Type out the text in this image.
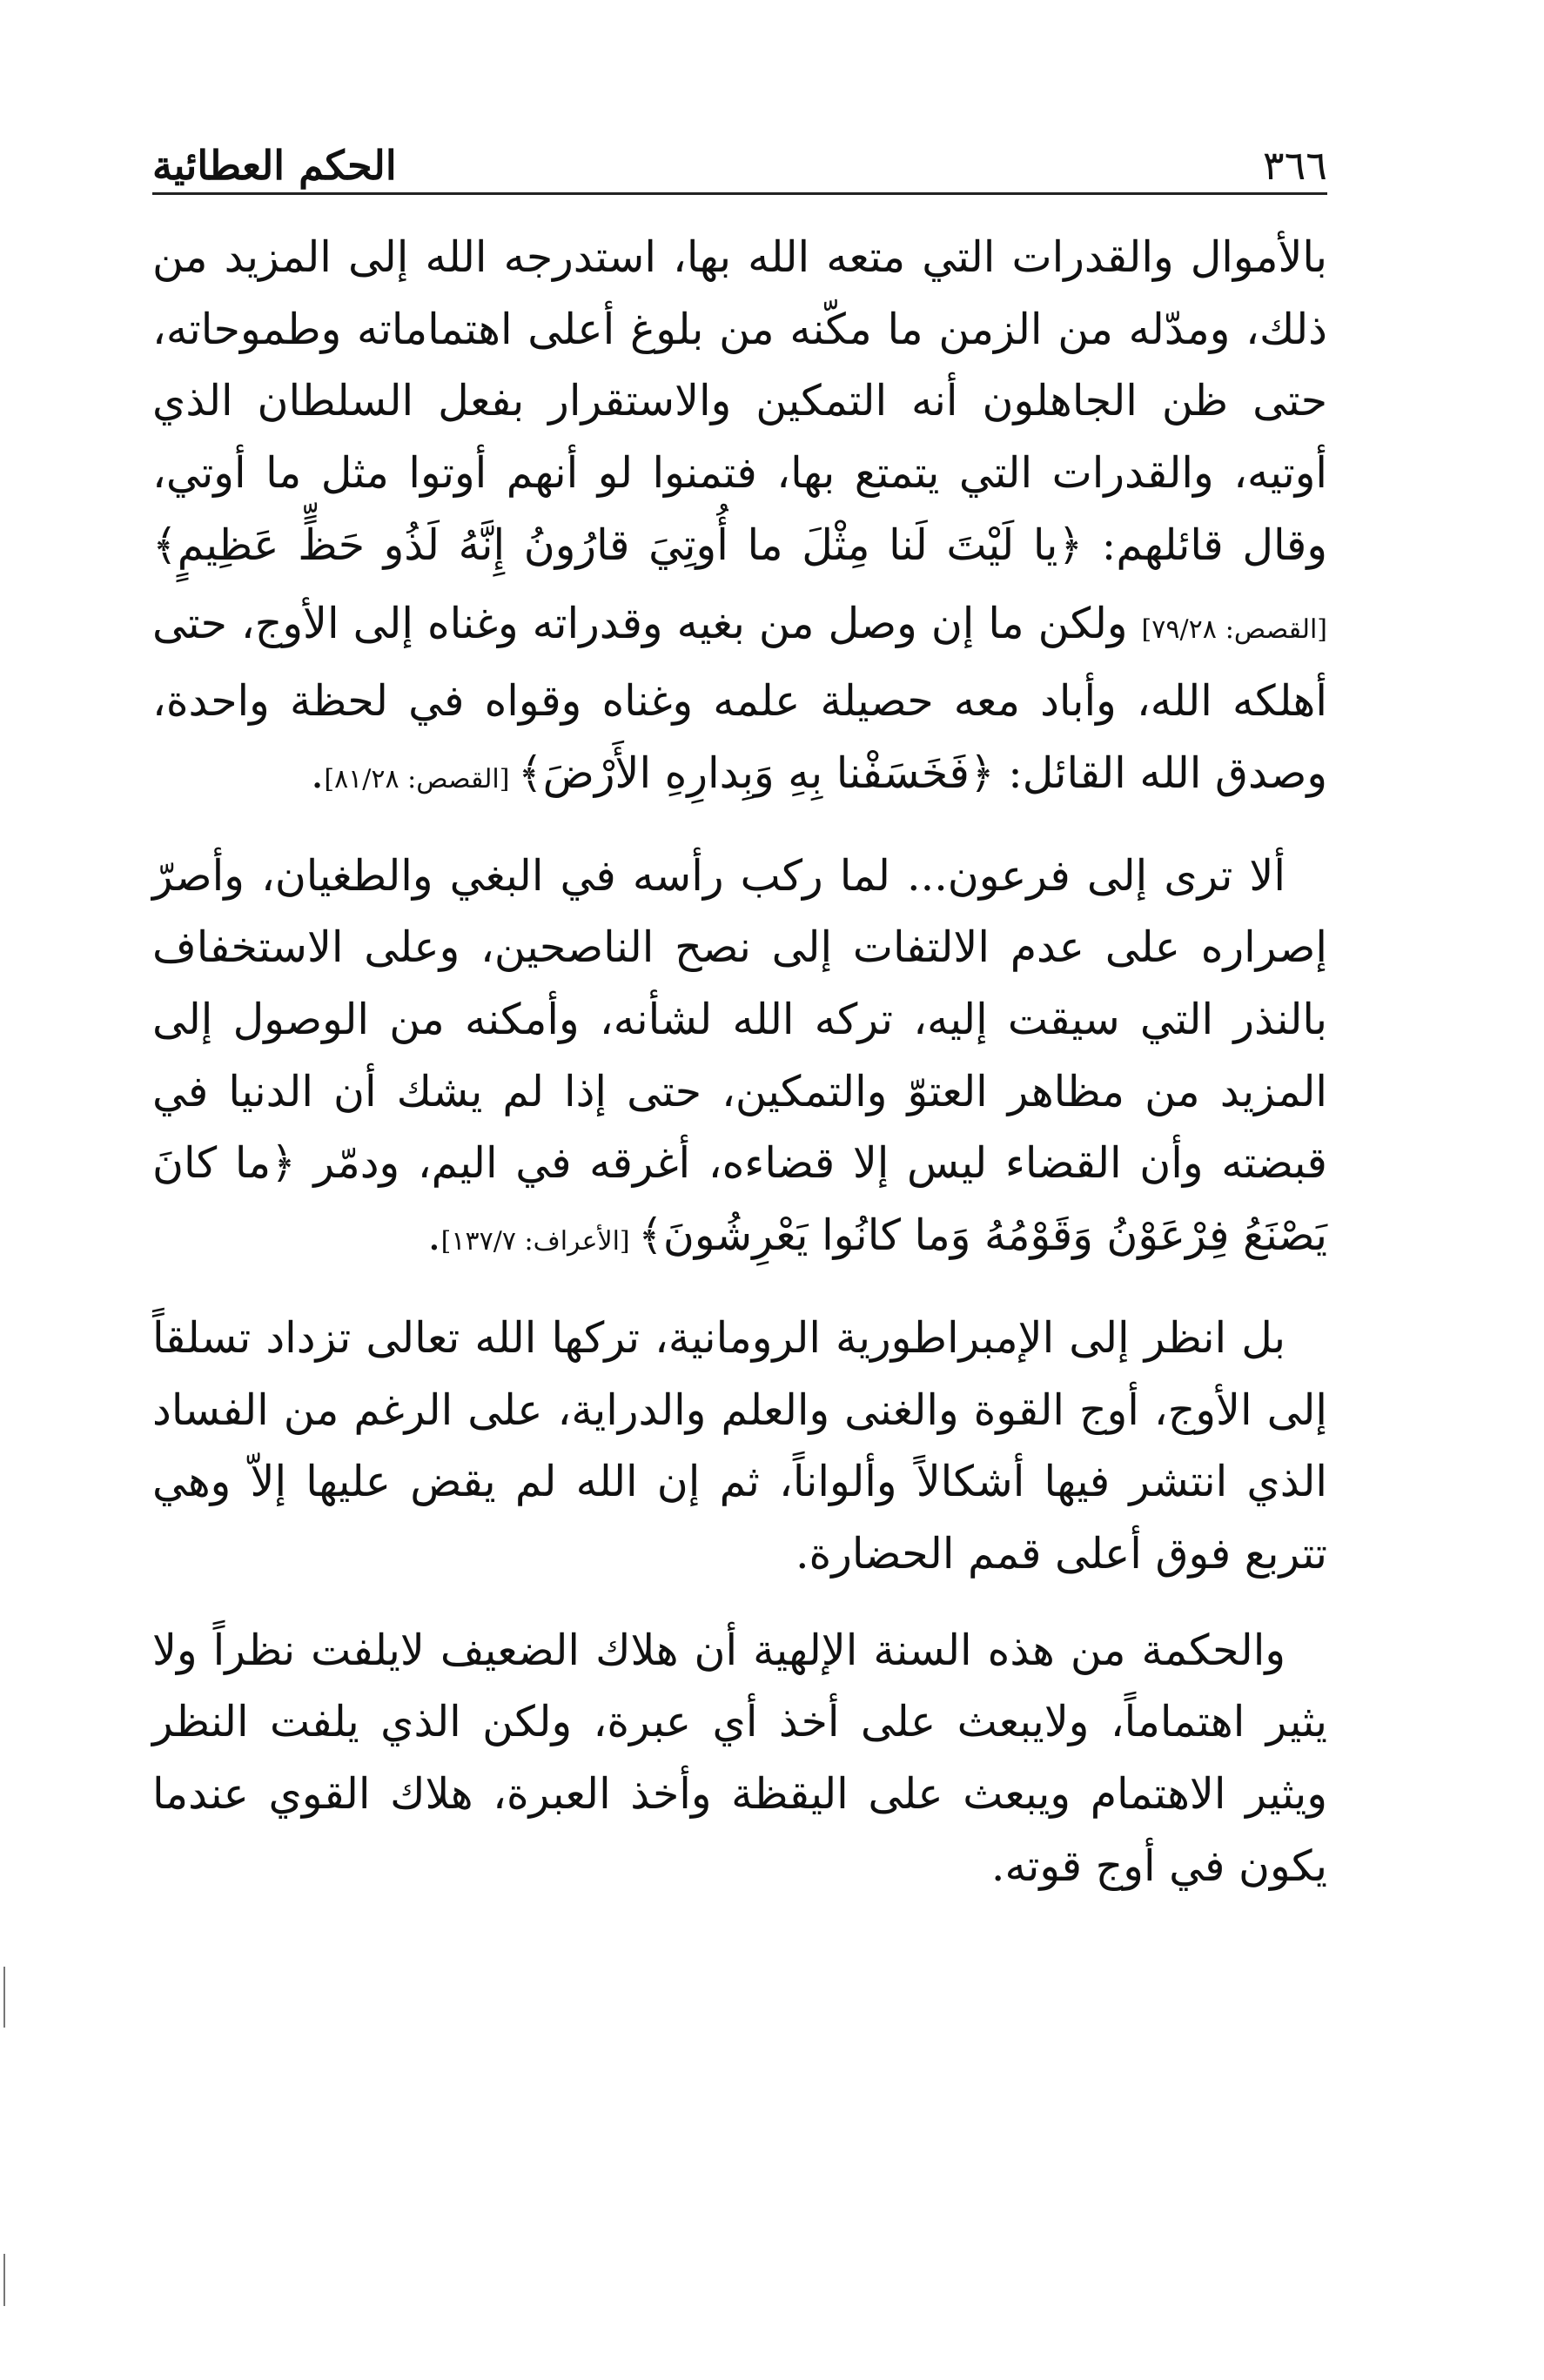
الحكم العطائية	٣٦٦

بالأموال والقدرات التي متعه الله بها، استدرجه الله إلى المزيد من ذلك، ومدّله من الزمن ما مكّنه من بلوغ أعلى اهتماماته وطموحاته، حتى ظن الجاهلون أنه التمكين والاستقرار بفعل السلطان الذي أوتيه، والقدرات التي يتمتع بها، فتمنوا لو أنهم أوتوا مثل ما أوتي، وقال قائلهم: ﴿يا لَيْتَ لَنا مِثْلَ ما أُوتِيَ قارُونُ إِنَّهُ لَذُو حَظٍّ عَظِيمٍ﴾ [القصص: ٧٩/٢٨] ولكن ما إن وصل من بغيه وقدراته وغناه إلى الأوج، حتى أهلكه الله، وأباد معه حصيلة علمه وغناه وقواه في لحظة واحدة، وصدق الله القائل: ﴿فَخَسَفْنا بِهِ وَبِدارِهِ الأَرْضَ﴾ [القصص: ٨١/٢٨].

ألا ترى إلى فرعون... لما ركب رأسه في البغي والطغيان، وأصرّ إصراره على عدم الالتفات إلى نصح الناصحين، وعلى الاستخفاف بالنذر التي سيقت إليه، تركه الله لشأنه، وأمكنه من الوصول إلى المزيد من مظاهر العتوّ والتمكين، حتى إذا لم يشك أن الدنيا في قبضته وأن القضاء ليس إلا قضاءه، أغرقه في اليم، ودمّر ﴿ما كانَ يَصْنَعُ فِرْعَوْنُ وَقَوْمُهُ وَما كانُوا يَعْرِشُونَ﴾ [الأعراف: ١٣٧/٧].

بل انظر إلى الإمبراطورية الرومانية، تركها الله تعالى تزداد تسلقاً إلى الأوج، أوج القوة والغنى والعلم والدراية، على الرغم من الفساد الذي انتشر فيها أشكالاً وألواناً، ثم إن الله لم يقض عليها إلاّ وهي تتربع فوق أعلى قمم الحضارة.

والحكمة من هذه السنة الإلهية أن هلاك الضعيف لايلفت نظراً ولا يثير اهتماماً، ولايبعث على أخذ أي عبرة، ولكن الذي يلفت النظر ويثير الاهتمام ويبعث على اليقظة وأخذ العبرة، هلاك القوي عندما يكون في أوج قوته.
